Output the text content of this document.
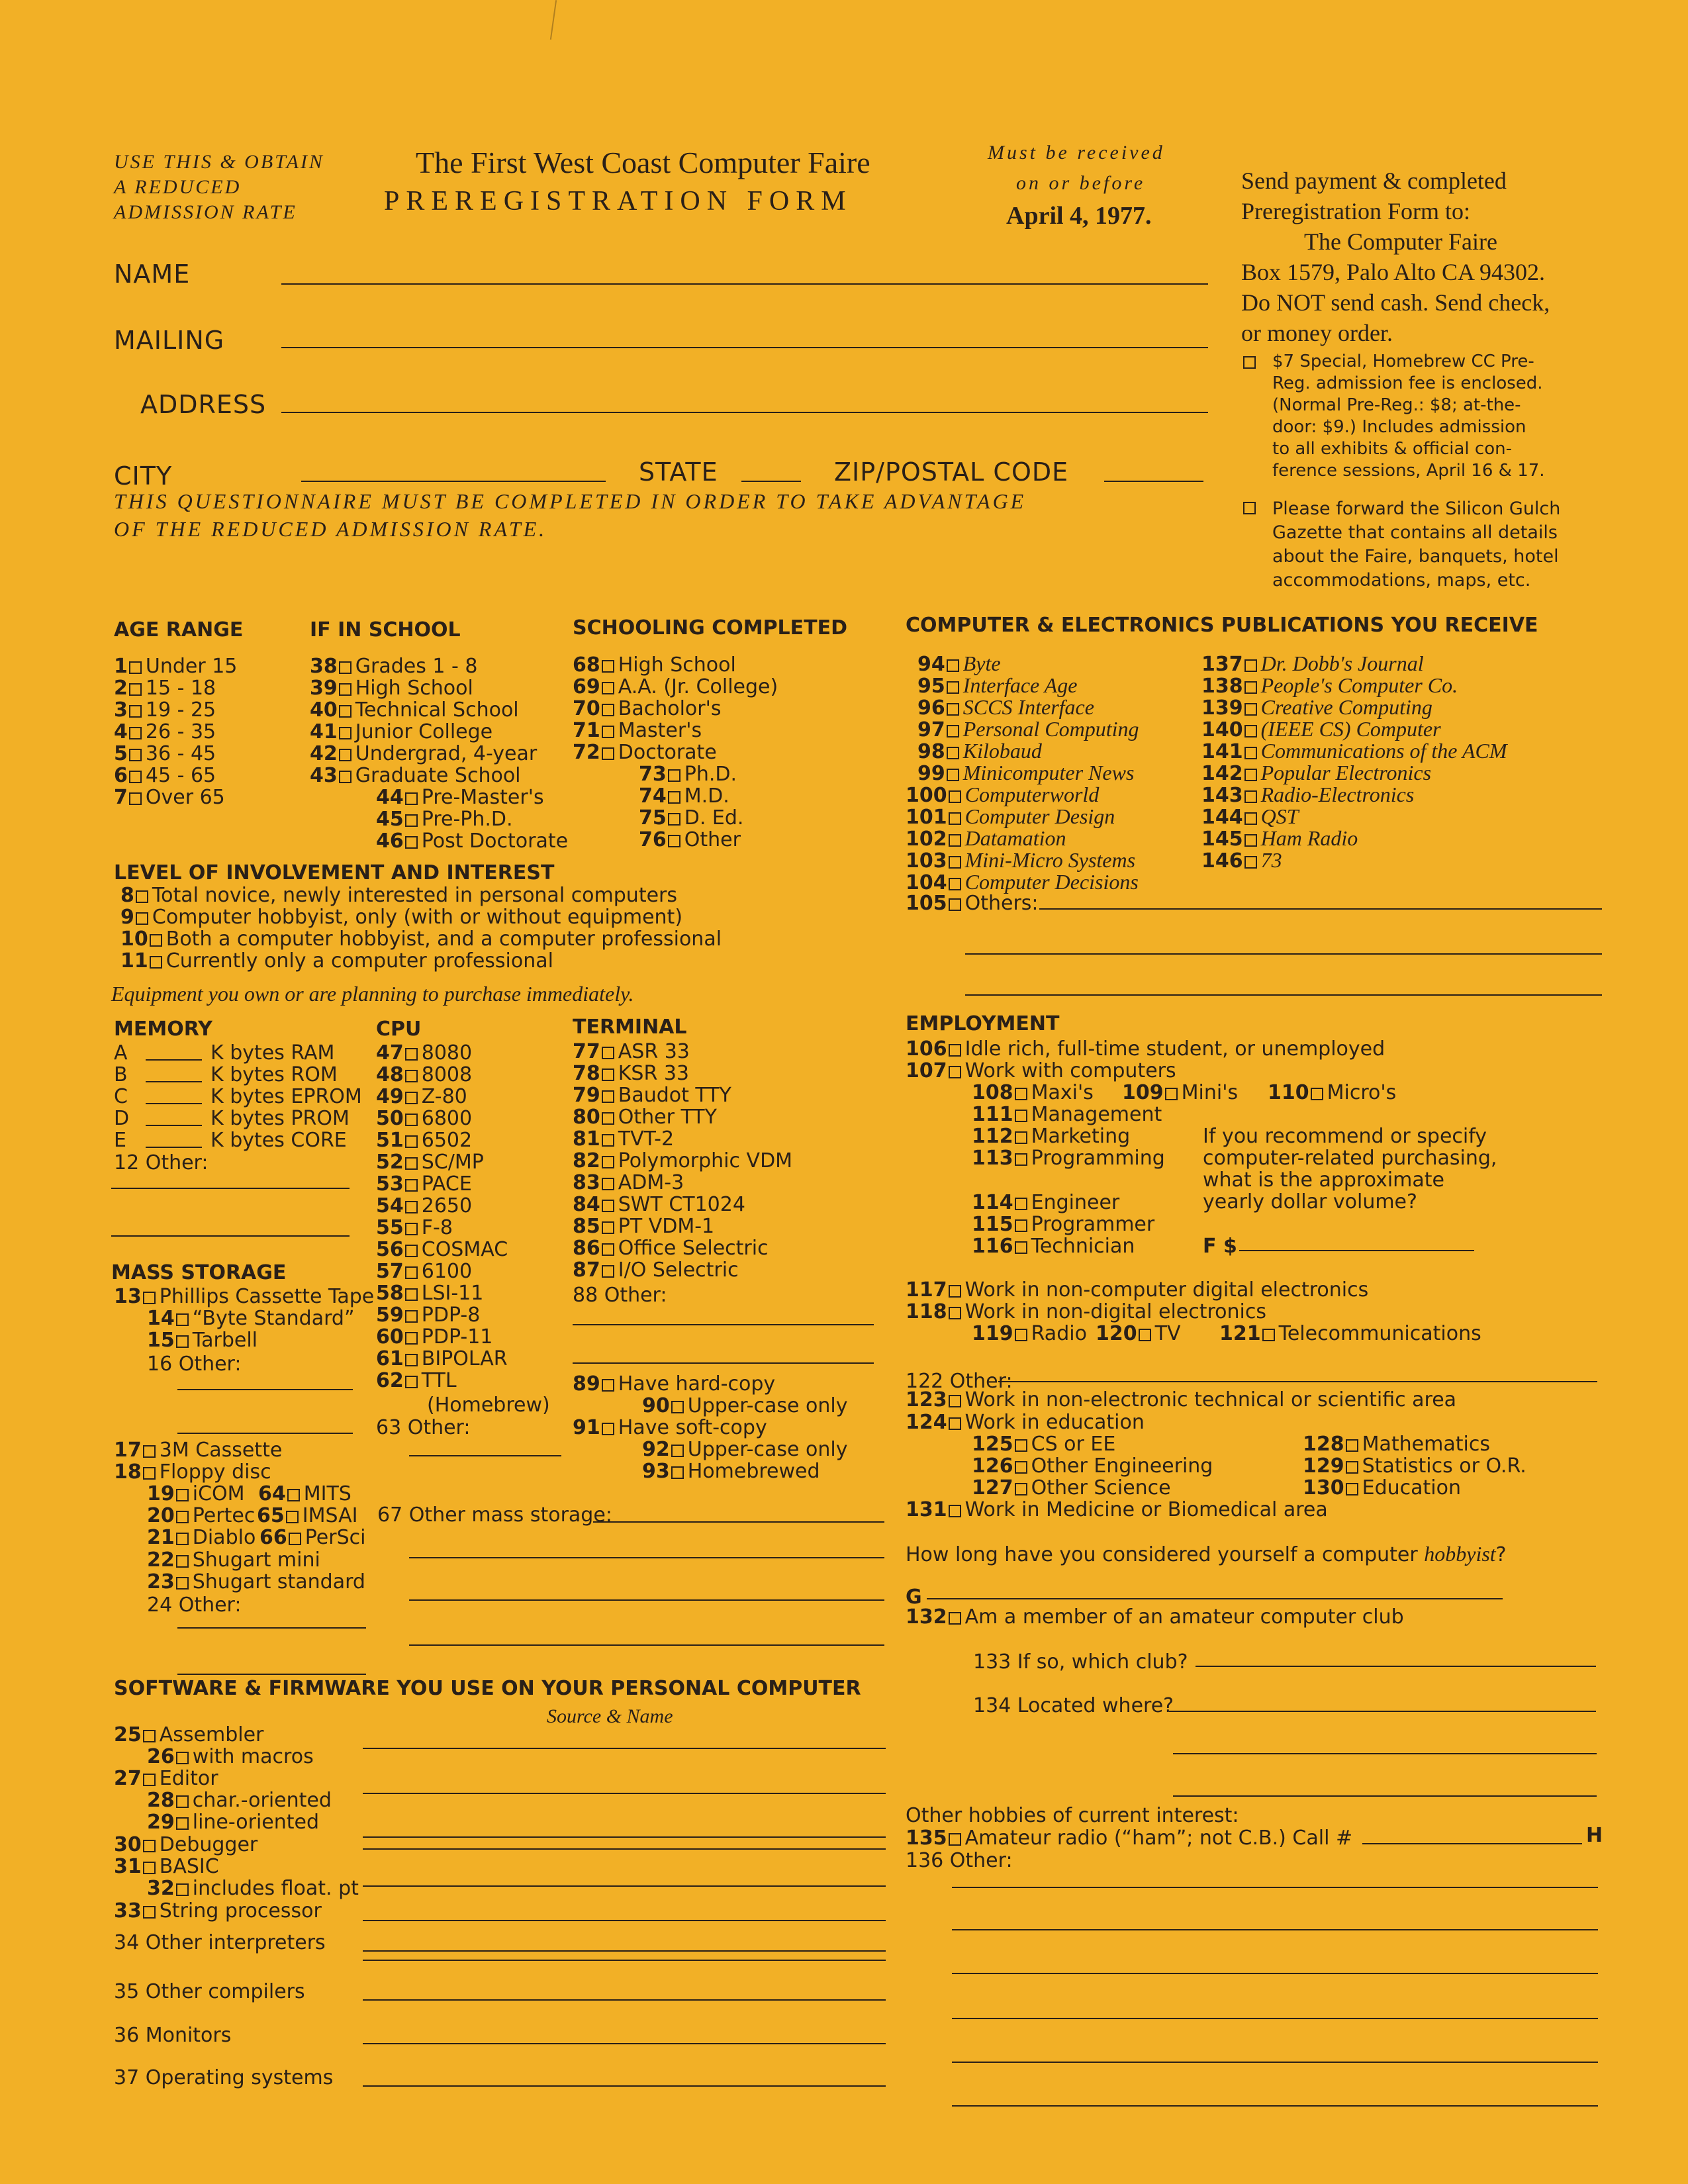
USE THIS & OBTAIN
A REDUCED
ADMISSION RATE
The First West Coast Computer Faire
PREREGISTRATION FORM
Must be received
on or before
April 4, 1977.
Send payment & completed
Preregistration Form to:
The Computer Faire
Box 1579, Palo Alto CA 94302.
Do NOT send cash. Send check,
or money order.
$7 Special, Homebrew CC Pre-
Reg. admission fee is enclosed.
(Normal Pre-Reg.: $8; at-the-
door: $9.) Includes admission
to all exhibits & official con-
ference sessions, April 16 & 17.
Please forward the Silicon Gulch
Gazette that contains all details
about the Faire, banquets, hotel
accommodations, maps, etc.
NAME
MAILING
ADDRESS
CITY	STATE	ZIP/POSTAL CODE
THIS QUESTIONNAIRE MUST BE COMPLETED IN ORDER TO TAKE ADVANTAGE
OF THE REDUCED ADMISSION RATE.
AGE RANGE
1 Under 15
2 15 - 18
3 19 - 25
4 26 - 35
5 36 - 45
6 45 - 65
7 Over 65
IF IN SCHOOL
38 Grades 1 - 8
39 High School
40 Technical School
41 Junior College
42 Undergrad, 4-year
43 Graduate School
44 Pre-Master's
45 Pre-Ph.D.
46 Post Doctorate
SCHOOLING COMPLETED
68 High School
69 A.A. (Jr. College)
70 Bacholor's
71 Master's
72 Doctorate
73 Ph.D.
74 M.D.
75 D. Ed.
76 Other
LEVEL OF INVOLVEMENT AND INTEREST
8 Total novice, newly interested in personal computers
9 Computer hobbyist, only (with or without equipment)
10 Both a computer hobbyist, and a computer professional
11 Currently only a computer professional
Equipment you own or are planning to purchase immediately.
MEMORY
A	K bytes RAM
B	K bytes ROM
C	K bytes EPROM
D	K bytes PROM
E	K bytes CORE
12 Other:
CPU
47 8080
48 8008
49 Z-80
50 6800
51 6502
52 SC/MP
53 PACE
54 2650
55 F-8
56 COSMAC
57 6100
58 LSI-11
59 PDP-8
60 PDP-11
61 BIPOLAR
62 TTL
(Homebrew)
63 Other:
TERMINAL
77 ASR 33
78 KSR 33
79 Baudot TTY
80 Other TTY
81 TVT-2
82 Polymorphic VDM
83 ADM-3
84 SWT CT1024
85 PT VDM-1
86 Office Selectric
87 I/O Selectric
88 Other:
89 Have hard-copy
90 Upper-case only
91 Have soft-copy
92 Upper-case only
93 Homebrewed
MASS STORAGE
13 Phillips Cassette Tape
14 “Byte Standard”
15 Tarbell
16 Other:
17 3M Cassette
18 Floppy disc
19 iCOM 64 MITS
20 Pertec 65 IMSAI
21 Diablo 66 PerSci
67 Other mass storage:
22 Shugart mini
23 Shugart standard
24 Other:
SOFTWARE & FIRMWARE YOU USE ON YOUR PERSONAL COMPUTER
Source & Name
25 Assembler
26 with macros
27 Editor
28 char.-oriented
29 line-oriented
30 Debugger
31 BASIC
32 includes float. pt
33 String processor
34 Other interpreters
35 Other compilers
36 Monitors
37 Operating systems
COMPUTER & ELECTRONICS PUBLICATIONS YOU RECEIVE
94 Byte
95 Interface Age
96 SCCS Interface
97 Personal Computing
98 Kilobaud
99 Minicomputer News
100 Computerworld
101 Computer Design
102 Datamation
103 Mini-Micro Systems
104 Computer Decisions
105 Others:
137 Dr. Dobb's Journal
138 People's Computer Co.
139 Creative Computing
140 (IEEE CS) Computer
141 Communications of the ACM
142 Popular Electronics
143 Radio-Electronics
144 QST
145 Ham Radio
146 73
EMPLOYMENT
106 Idle rich, full-time student, or unemployed
107 Work with computers
108 Maxi's 109 Mini's 110 Micro's
111 Management
112 Marketing
113 Programming
114 Engineer
115 Programmer
116 Technician
If you recommend or specify
computer-related purchasing,
what is the approximate
yearly dollar volume?
F $
117 Work in non-computer digital electronics
118 Work in non-digital electronics
119 Radio 120 TV 121 Telecommunications
122 Other:
123 Work in non-electronic technical or scientific area
124 Work in education
125 CS or EE
126 Other Engineering
127 Other Science
128 Mathematics
129 Statistics or O.R.
130 Education
131 Work in Medicine or Biomedical area
How long have you considered yourself a computer hobbyist?
G
132 Am a member of an amateur computer club
133 If so, which club?
134 Located where?
Other hobbies of current interest:
135 Amateur radio (“ham”; not C.B.) Call #	H
136 Other:
